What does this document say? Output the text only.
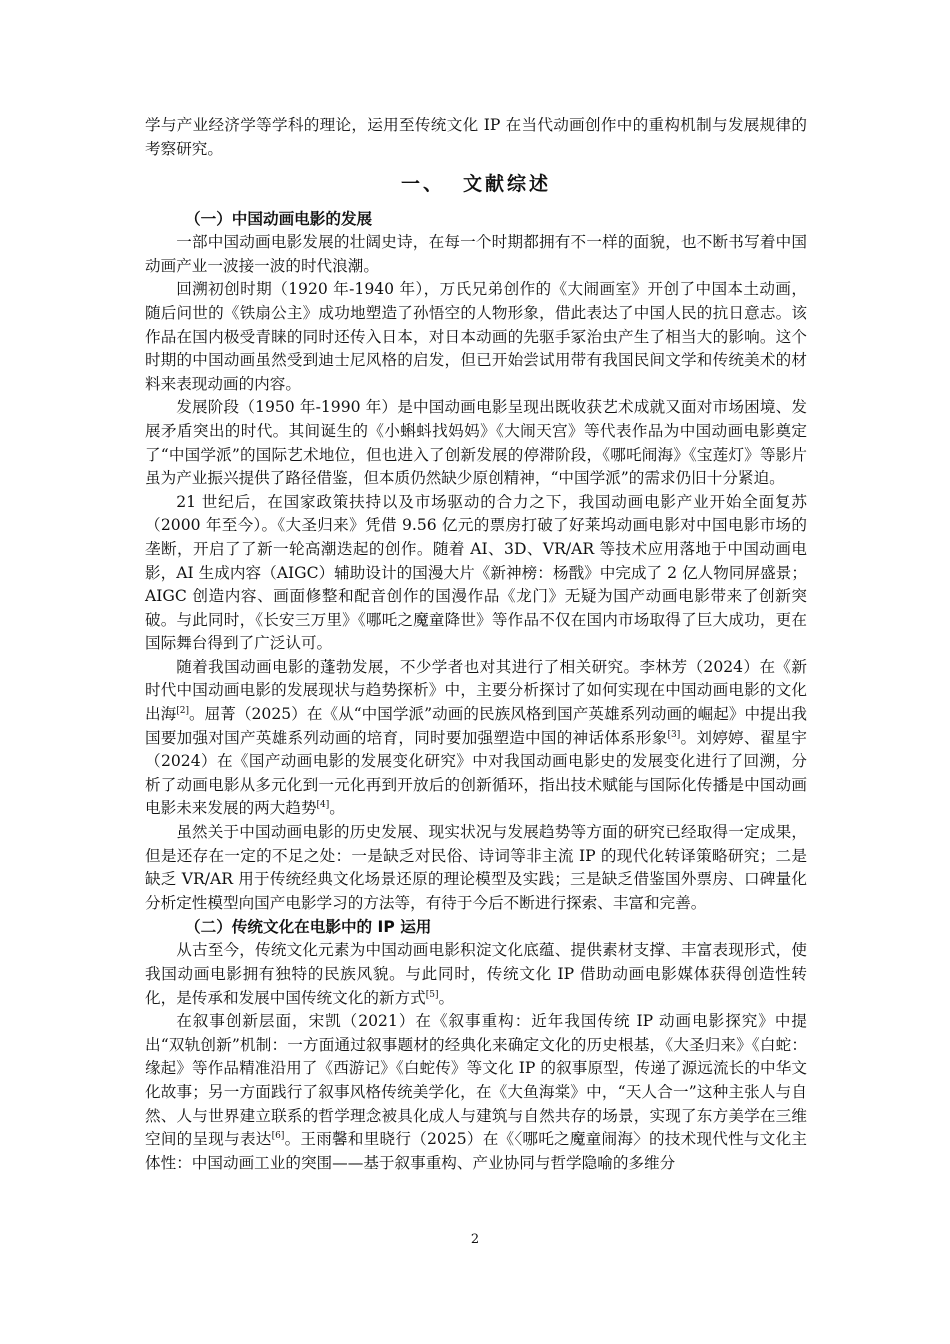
学与产业经济学等学科的理论，运用至传统文化 IP 在当代动画创作中的重构机制与发展规律的考察研究。

一、 文献综述
（一）中国动画电影的发展

一部中国动画电影发展的壮阔史诗，在每一个时期都拥有不一样的面貌，也不断书写着中国动画产业一波接一波的时代浪潮。

回溯初创时期（1920 年-1940 年），万氏兄弟创作的《大闹画室》开创了中国本土动画，随后问世的《铁扇公主》成功地塑造了孙悟空的人物形象，借此表达了中国人民的抗日意志。该作品在国内极受青睐的同时还传入日本，对日本动画的先驱手冢治虫产生了相当大的影响。这个时期的中国动画虽然受到迪士尼风格的启发，但已开始尝试用带有我国民间文学和传统美术的材料来表现动画的内容。

发展阶段（1950 年-1990 年）是中国动画电影呈现出既收获艺术成就又面对市场困境、发展矛盾突出的时代。其间诞生的《小蝌蚪找妈妈》《大闹天宫》等代表作品为中国动画电影奠定了“中国学派”的国际艺术地位，但也进入了创新发展的停滞阶段，《哪吒闹海》《宝莲灯》等影片虽为产业振兴提供了路径借鉴，但本质仍然缺少原创精神，“中国学派”的需求仍旧十分紧迫。

21 世纪后，在国家政策扶持以及市场驱动的合力之下，我国动画电影产业开始全面复苏（2000 年至今）。《大圣归来》凭借 9.56 亿元的票房打破了好莱坞动画电影对中国电影市场的垄断，开启了了新一轮高潮迭起的创作。随着 AI、3D、VR/AR 等技术应用落地于中国动画电影，AI 生成内容（AIGC）辅助设计的国漫大片《新神榜：杨戬》中完成了 2 亿人物同屏盛景；AIGC 创造内容、画面修整和配音创作的国漫作品《龙门》无疑为国产动画电影带来了创新突破。与此同时，《长安三万里》《哪吒之魔童降世》等作品不仅在国内市场取得了巨大成功，更在国际舞台得到了广泛认可。

随着我国动画电影的蓬勃发展，不少学者也对其进行了相关研究。李林芳（2024）在《新时代中国动画电影的发展现状与趋势探析》中，主要分析探讨了如何实现在中国动画电影的文化出海[2]。屈菁（2025）在《从“中国学派”动画的民族风格到国产英雄系列动画的崛起》中提出我国要加强对国产英雄系列动画的培育，同时要加强塑造中国的神话体系形象[3]。刘婷婷、翟星宇（2024）在《国产动画电影的发展变化研究》中对我国动画电影史的发展变化进行了回溯，分析了动画电影从多元化到一元化再到开放后的创新循环，指出技术赋能与国际化传播是中国动画电影未来发展的两大趋势[4]。

虽然关于中国动画电影的历史发展、现实状况与发展趋势等方面的研究已经取得一定成果，但是还存在一定的不足之处：一是缺乏对民俗、诗词等非主流 IP 的现代化转译策略研究；二是缺乏 VR/AR 用于传统经典文化场景还原的理论模型及实践；三是缺乏借鉴国外票房、口碑量化分析定性模型向国产电影学习的方法等，有待于今后不断进行探索、丰富和完善。

（二）传统文化在电影中的 IP 运用

从古至今，传统文化元素为中国动画电影积淀文化底蕴、提供素材支撑、丰富表现形式，使我国动画电影拥有独特的民族风貌。与此同时，传统文化 IP 借助动画电影媒体获得创造性转化，是传承和发展中国传统文化的新方式[5]。

在叙事创新层面，宋凯（2021）在《叙事重构：近年我国传统 IP 动画电影探究》中提出“双轨创新”机制：一方面通过叙事题材的经典化来确定文化的历史根基，《大圣归来》《白蛇：缘起》等作品精准沿用了《西游记》《白蛇传》等文化 IP 的叙事原型，传递了源远流长的中华文化故事；另一方面践行了叙事风格传统美学化，在《大鱼海棠》中，“天人合一”这种主张人与自然、人与世界建立联系的哲学理念被具化成人与建筑与自然共存的场景，实现了东方美学在三维空间的呈现与表达[6]。王雨馨和里晓行（2025）在《〈哪吒之魔童闹海〉的技术现代性与文化主体性：中国动画工业的突围——基于叙事重构、产业协同与哲学隐喻的多维分

2
